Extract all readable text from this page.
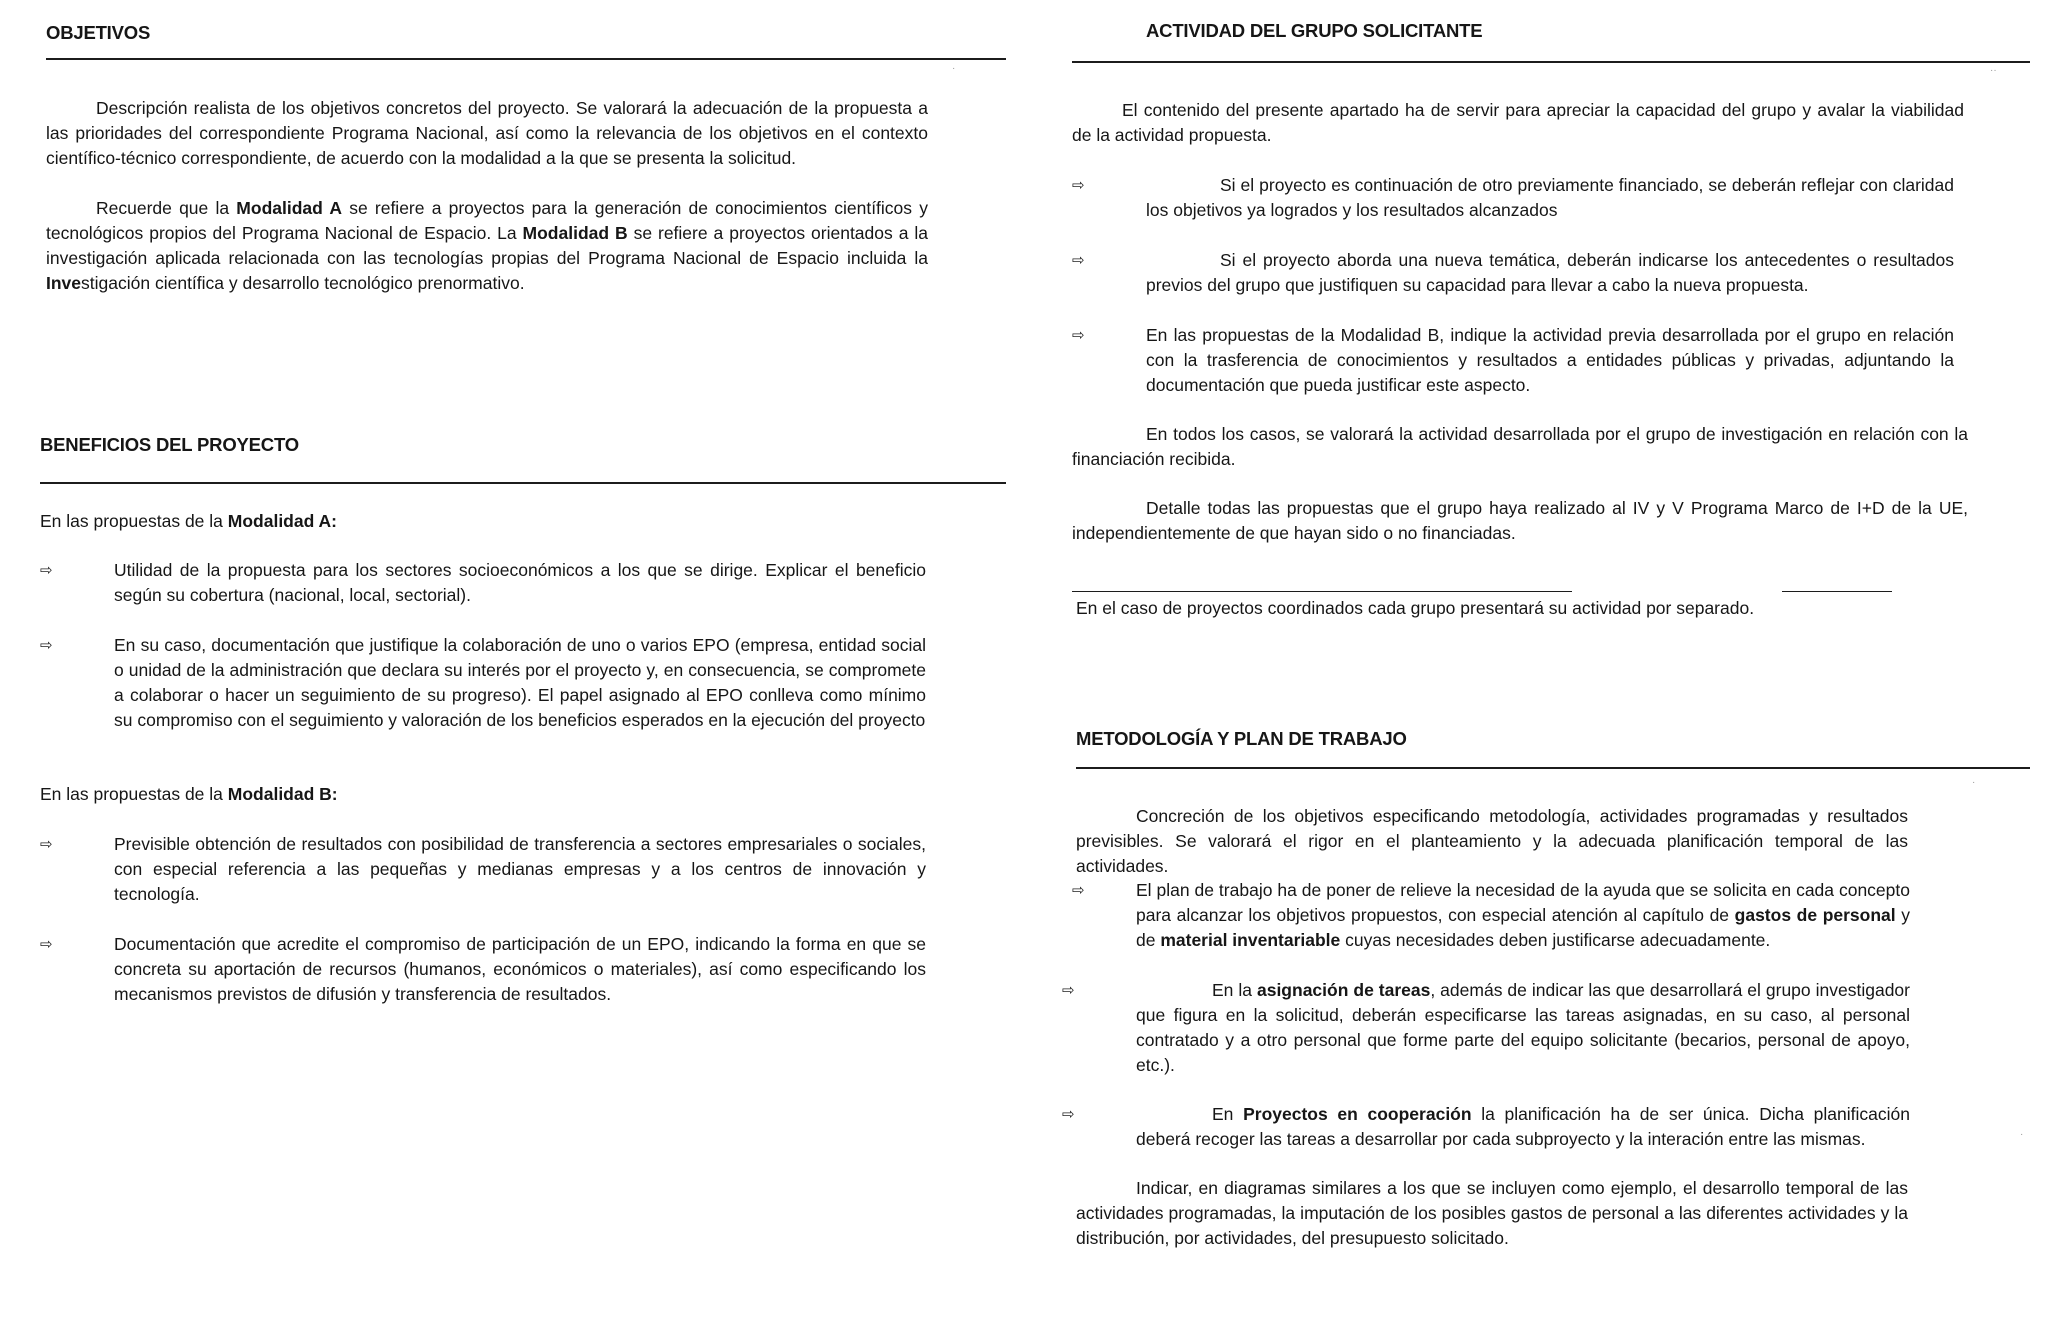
OBJETIVOS

Descripción realista de los objetivos concretos del proyecto. Se valorará la adecuación de la propuesta a las prioridades del correspondiente Programa Nacional, así como la relevancia de los objetivos en el contexto científico-técnico correspondiente, de acuerdo con la modalidad a la que se presenta la solicitud.

Recuerde que la Modalidad A se refiere a proyectos para la generación de conocimientos científicos y tecnológicos propios del Programa Nacional de Espacio. La Modalidad B se refiere a proyectos orientados a la investigación aplicada relacionada con las tecnologías propias del Programa Nacional de Espacio incluida la Investigación científica y desarrollo tecnológico prenormativo.

BENEFICIOS DEL PROYECTO

En las propuestas de la Modalidad A:

⇨	Utilidad de la propuesta para los sectores socioeconómicos a los que se dirige. Explicar el beneficio según su cobertura (nacional, local, sectorial).

⇨	En su caso, documentación que justifique la colaboración de uno o varios EPO (empresa, entidad social o unidad de la administración que declara su interés por el proyecto y, en consecuencia, se compromete a colaborar o hacer un seguimiento de su progreso). El papel asignado al EPO conlleva como mínimo su compromiso con el seguimiento y valoración de los beneficios esperados en la ejecución del proyecto

En las propuestas de la Modalidad B:

⇨	Previsible obtención de resultados con posibilidad de transferencia a sectores empresariales o sociales, con especial referencia a las pequeñas y medianas empresas y a los centros de innovación y tecnología.

⇨	Documentación que acredite el compromiso de participación de un EPO, indicando la forma en que se concreta su aportación de recursos (humanos, económicos o materiales), así como especificando los mecanismos previstos de difusión y transferencia de resultados.

ACTIVIDAD DEL GRUPO SOLICITANTE

El contenido del presente apartado ha de servir para apreciar la capacidad del grupo y avalar la viabilidad de la actividad propuesta.

⇨	Si el proyecto es continuación de otro previamente financiado, se deberán reflejar con claridad los objetivos ya logrados y los resultados alcanzados

⇨	Si el proyecto aborda una nueva temática, deberán indicarse los antecedentes o resultados previos del grupo que justifiquen su capacidad para llevar a cabo la nueva propuesta.

⇨	En las propuestas de la Modalidad B, indique la actividad previa desarrollada por el grupo en relación con la trasferencia de conocimientos y resultados a entidades públicas y privadas, adjuntando la documentación que pueda justificar este aspecto.

En todos los casos, se valorará la actividad desarrollada por el grupo de investigación en relación con la financiación recibida.

Detalle todas las propuestas que el grupo haya realizado al IV y V Programa Marco de I+D de la UE, independientemente de que hayan sido o no financiadas.

En el caso de proyectos coordinados cada grupo presentará su actividad por separado.

METODOLOGÍA Y PLAN DE TRABAJO

Concreción de los objetivos especificando metodología, actividades programadas y resultados previsibles. Se valorará el rigor en el planteamiento y la adecuada planificación temporal de las actividades.

⇨	El plan de trabajo ha de poner de relieve la necesidad de la ayuda que se solicita en cada concepto para alcanzar los objetivos propuestos, con especial atención al capítulo de gastos de personal y de material inventariable cuyas necesidades deben justificarse adecuadamente.

⇨	En la asignación de tareas, además de indicar las que desarrollará el grupo investigador que figura en la solicitud, deberán especificarse las tareas asignadas, en su caso, al personal contratado y a otro personal que forme parte del equipo solicitante (becarios, personal de apoyo, etc.).

⇨	En Proyectos en cooperación la planificación ha de ser única. Dicha planificación deberá recoger las tareas a desarrollar por cada subproyecto y la interación entre las mismas.

Indicar, en diagramas similares a los que se incluyen como ejemplo, el desarrollo temporal de las actividades programadas, la imputación de los posibles gastos de personal a las diferentes actividades y la distribución, por actividades, del presupuesto solicitado.

·	··
·
·
